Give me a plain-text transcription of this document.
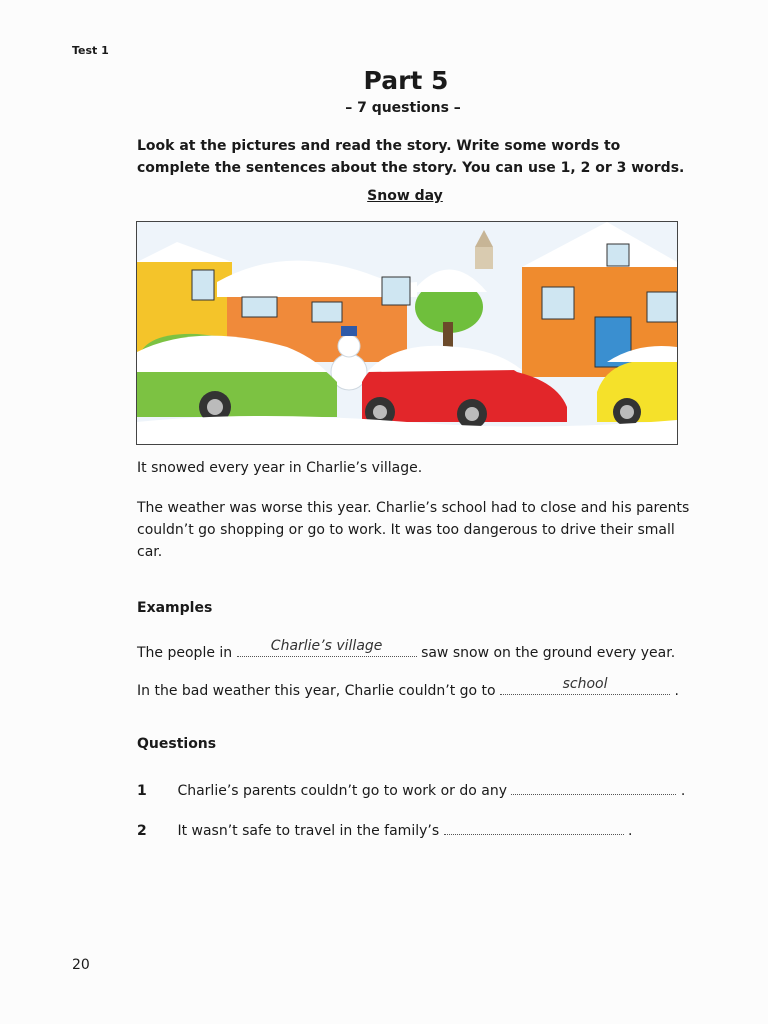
Test 1
Part 5
– 7 questions –
Look at the pictures and read the story. Write some words to complete the sentences about the story. You can use 1, 2 or 3 words.
Snow day
It snowed every year in Charlie’s village.
The weather was worse this year. Charlie’s school had to close and his parents couldn’t go shopping or go to work. It was too dangerous to drive their small car.
Examples
The people in	Charlie’s village	saw snow on the ground every year.
In the bad weather this year, Charlie couldn’t go to	school	.
Questions
1 Charlie’s parents couldn’t go to work or do any	.
2 It wasn’t safe to travel in the family’s	.
20
